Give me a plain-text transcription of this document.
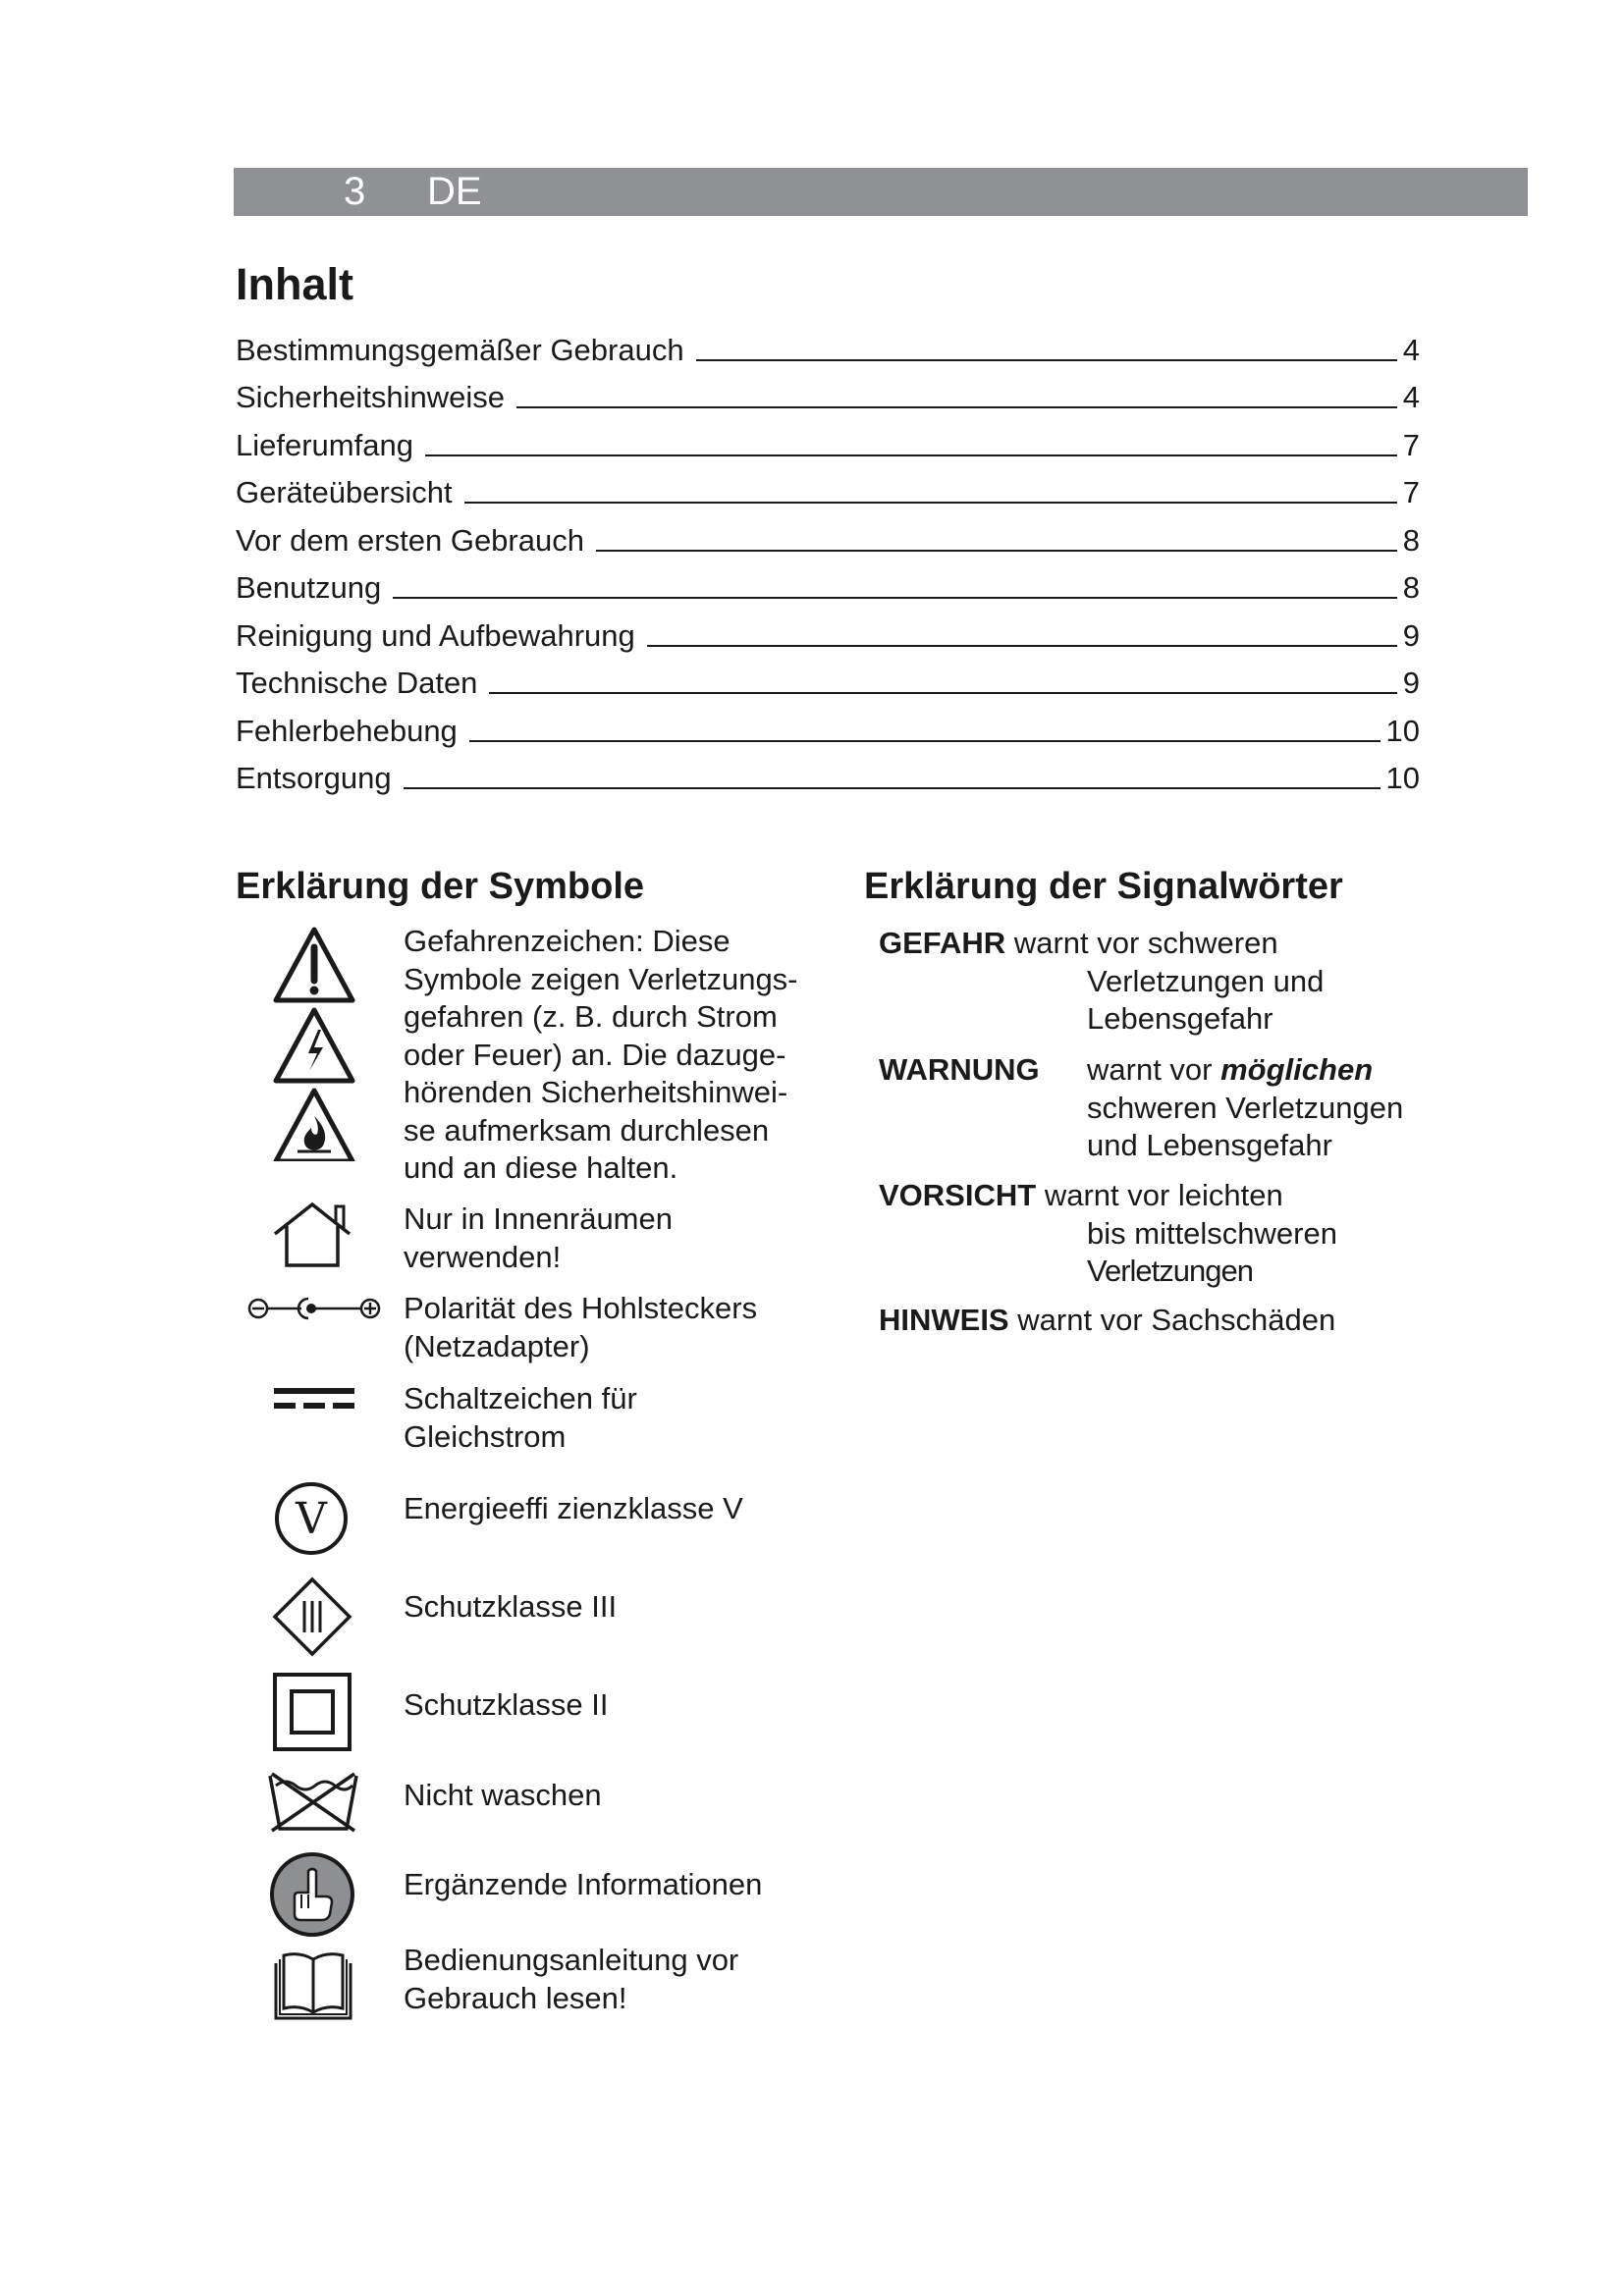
3 DE
Inhalt
Bestimmungsgemäßer Gebrauch	4
Sicherheitshinweise	4
Lieferumfang	7
Geräteübersicht	7
Vor dem ersten Gebrauch	8
Benutzung	8
Reinigung und Aufbewahrung	9
Technische Daten	9
Fehlerbehebung	10
Entsorgung	10
Erklärung der Symbole
Gefahrenzeichen: Diese
Symbole zeigen Verletzungs-
gefahren (z. B. durch Strom
oder Feuer) an. Die dazuge-
hörenden Sicherheitshinwei-
se aufmerksam durchlesen
und an diese halten.
Nur in Innenräumen
verwenden!
Polarität des Hohlsteckers
(Netzadapter)
Schaltzeichen für
Gleichstrom
V	Energieeffi zienzklasse V
Schutzklasse III
Schutzklasse II
Nicht waschen
Ergänzende Informationen
Bedienungsanleitung vor
Gebrauch lesen!
Erklärung der Signalwörter
GEFAHR warnt vor schweren
Verletzungen und
Lebensgefahr
WARNUNG warnt vor möglichen
schweren Verletzungen
und Lebensgefahr
VORSICHT warnt vor leichten
bis mittelschweren
Verletzungen
HINWEIS warnt vor Sachschäden
